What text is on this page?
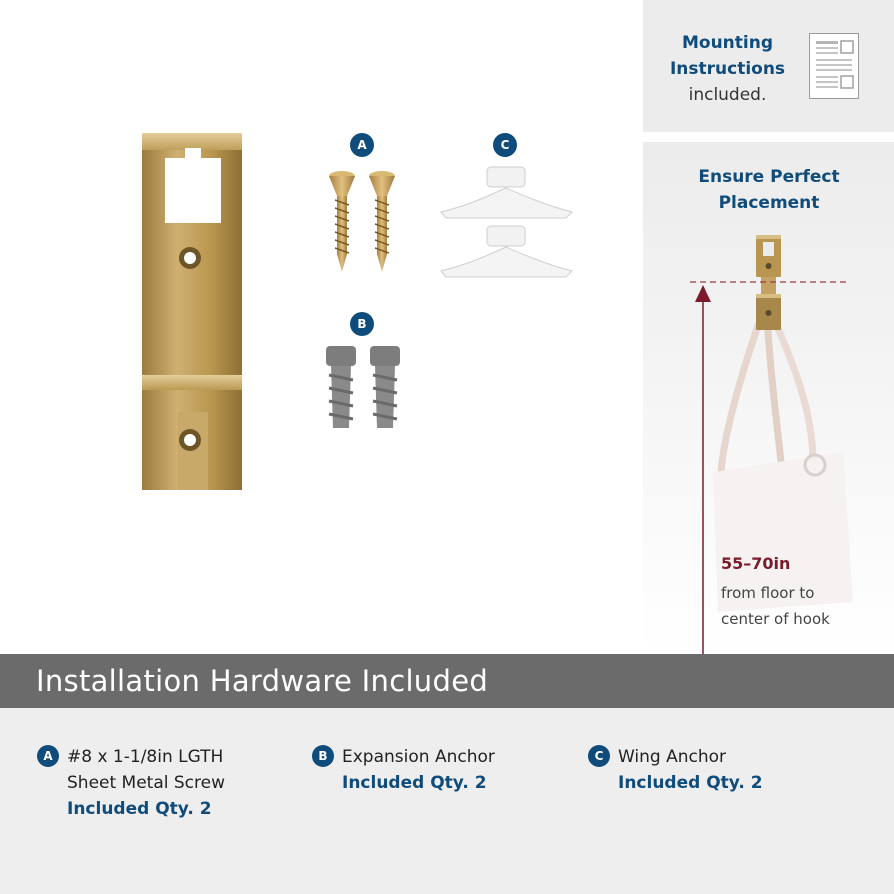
Mounting
Instructions
included.
Ensure Perfect
Placement
55–70in
from floor to
center of hook
A
B
C
Installation Hardware Included
A #8 x 1-1/8in LGTH
Sheet Metal Screw
Included Qty. 2
B Expansion Anchor
Included Qty. 2
C Wing Anchor
Included Qty. 2
